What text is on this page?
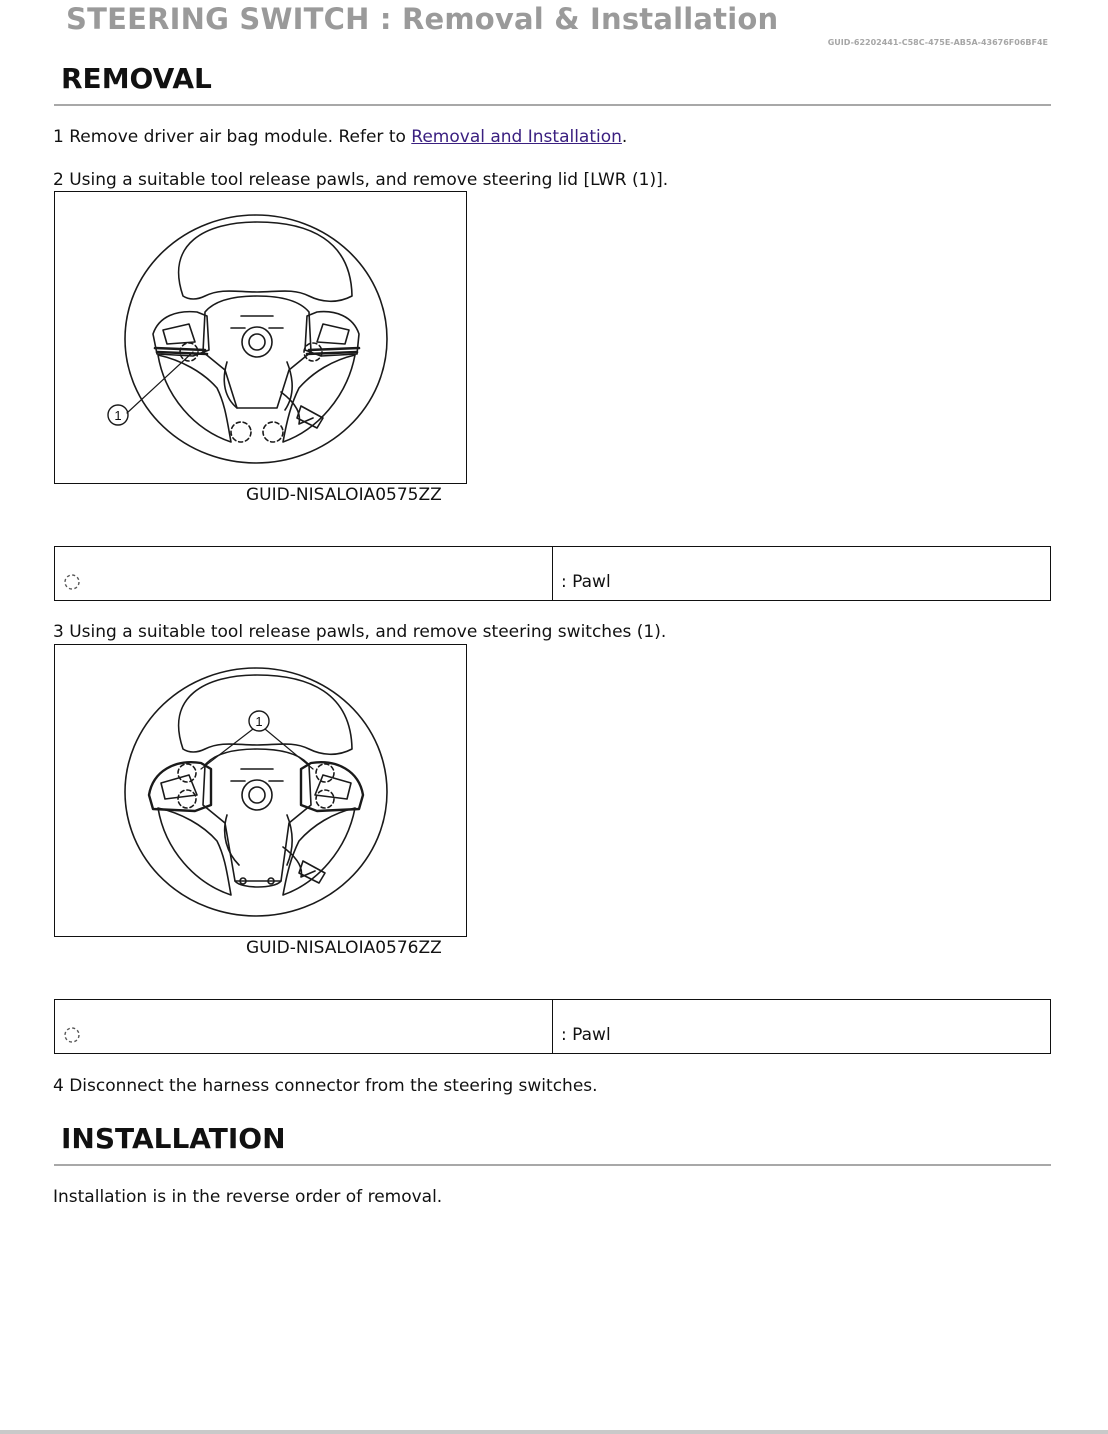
STEERING SWITCH : Removal & Installation
GUID-62202441-C58C-475E-AB5A-43676F06BF4E
REMOVAL
1 Remove driver air bag module. Refer to Removal and Installation.
2 Using a suitable tool release pawls, and remove steering lid [LWR (1)].
1
GUID-NISALOIA0575ZZ
: Pawl
3 Using a suitable tool release pawls, and remove steering switches (1).
1
GUID-NISALOIA0576ZZ
: Pawl
4 Disconnect the harness connector from the steering switches.
INSTALLATION
Installation is in the reverse order of removal.
